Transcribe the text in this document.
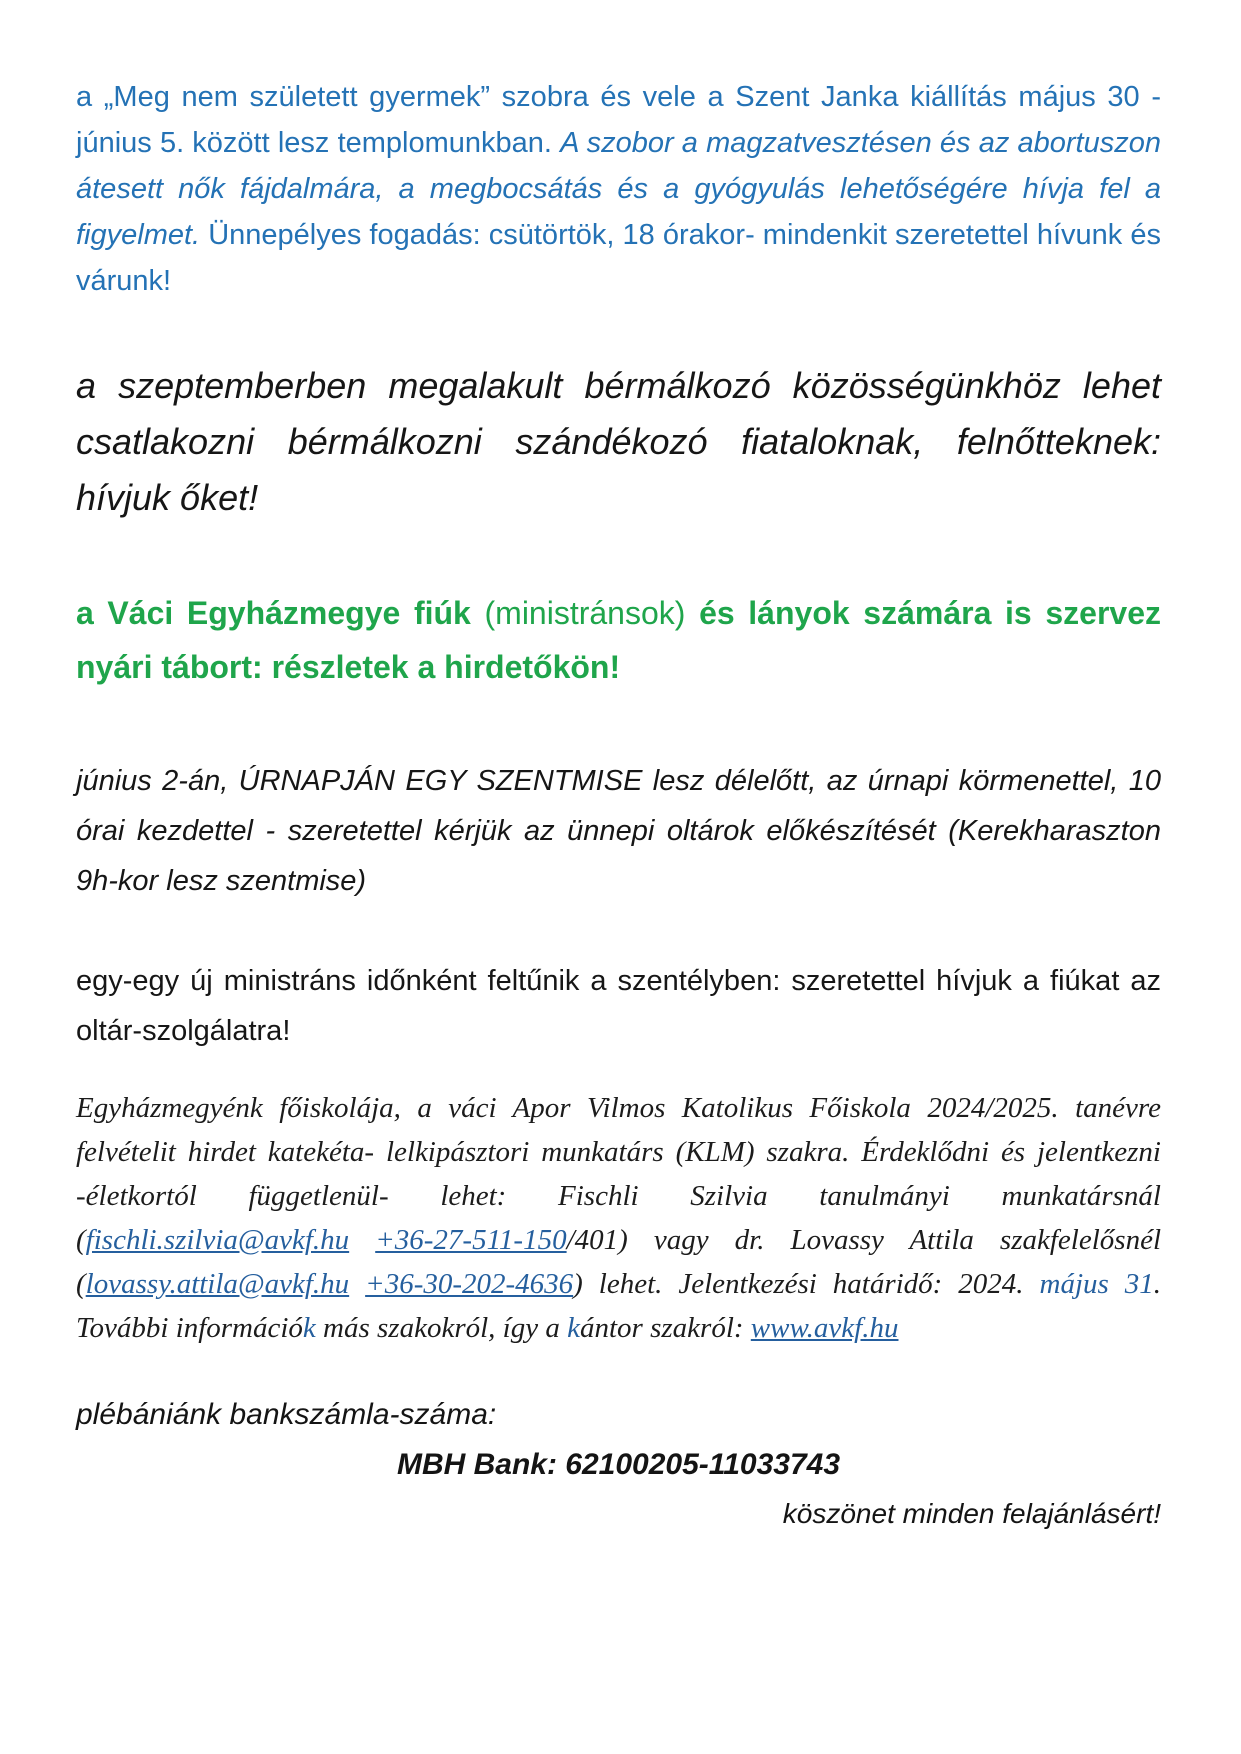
a „Meg nem született gyermek” szobra és vele a Szent Janka kiállítás május 30 - június 5. között lesz templomunkban. A szobor a magzatvesztésen és az abortuszon átesett nők fájdalmára, a megbocsátás és a gyógyulás lehetőségére hívja fel a figyelmet. Ünnepélyes fogadás: csütörtök, 18 órakor- mindenkit szeretettel hívunk és várunk!

a szeptemberben megalakult bérmálkozó közösségünkhöz lehet csatlakozni bérmálkozni szándékozó fiataloknak, felnőtteknek: hívjuk őket!

a Váci Egyházmegye fiúk (ministránsok) és lányok számára is szervez nyári tábort: részletek a hirdetőkön!

június 2-án, ÚRNAPJÁN EGY SZENTMISE lesz délelőtt, az úrnapi körmenettel, 10 órai kezdettel - szeretettel kérjük az ünnepi oltárok előkészítését (Kerekharaszton 9h-kor lesz szentmise)

egy-egy új ministráns időnként feltűnik a szentélyben: szeretettel hívjuk a fiúkat az oltár-szolgálatra!

Egyházmegyénk főiskolája, a váci Apor Vilmos Katolikus Főiskola 2024/2025. tanévre felvételit hirdet katekéta- lelkipásztori munkatárs (KLM) szakra. Érdeklődni és jelentkezni -életkortól függetlenül- lehet: Fischli Szilvia tanulmányi munkatársnál (fischli.szilvia@avkf.hu +36-27-511-150/401) vagy dr. Lovassy Attila szakfelelősnél (lovassy.attila@avkf.hu +36-30-202-4636) lehet. Jelentkezési határidő: 2024. május 31. További információk más szakokról, így a kántor szakról: www.avkf.hu

plébániánk bankszámla-száma:
MBH Bank: 62100205-11033743
köszönet minden felajánlásért!
